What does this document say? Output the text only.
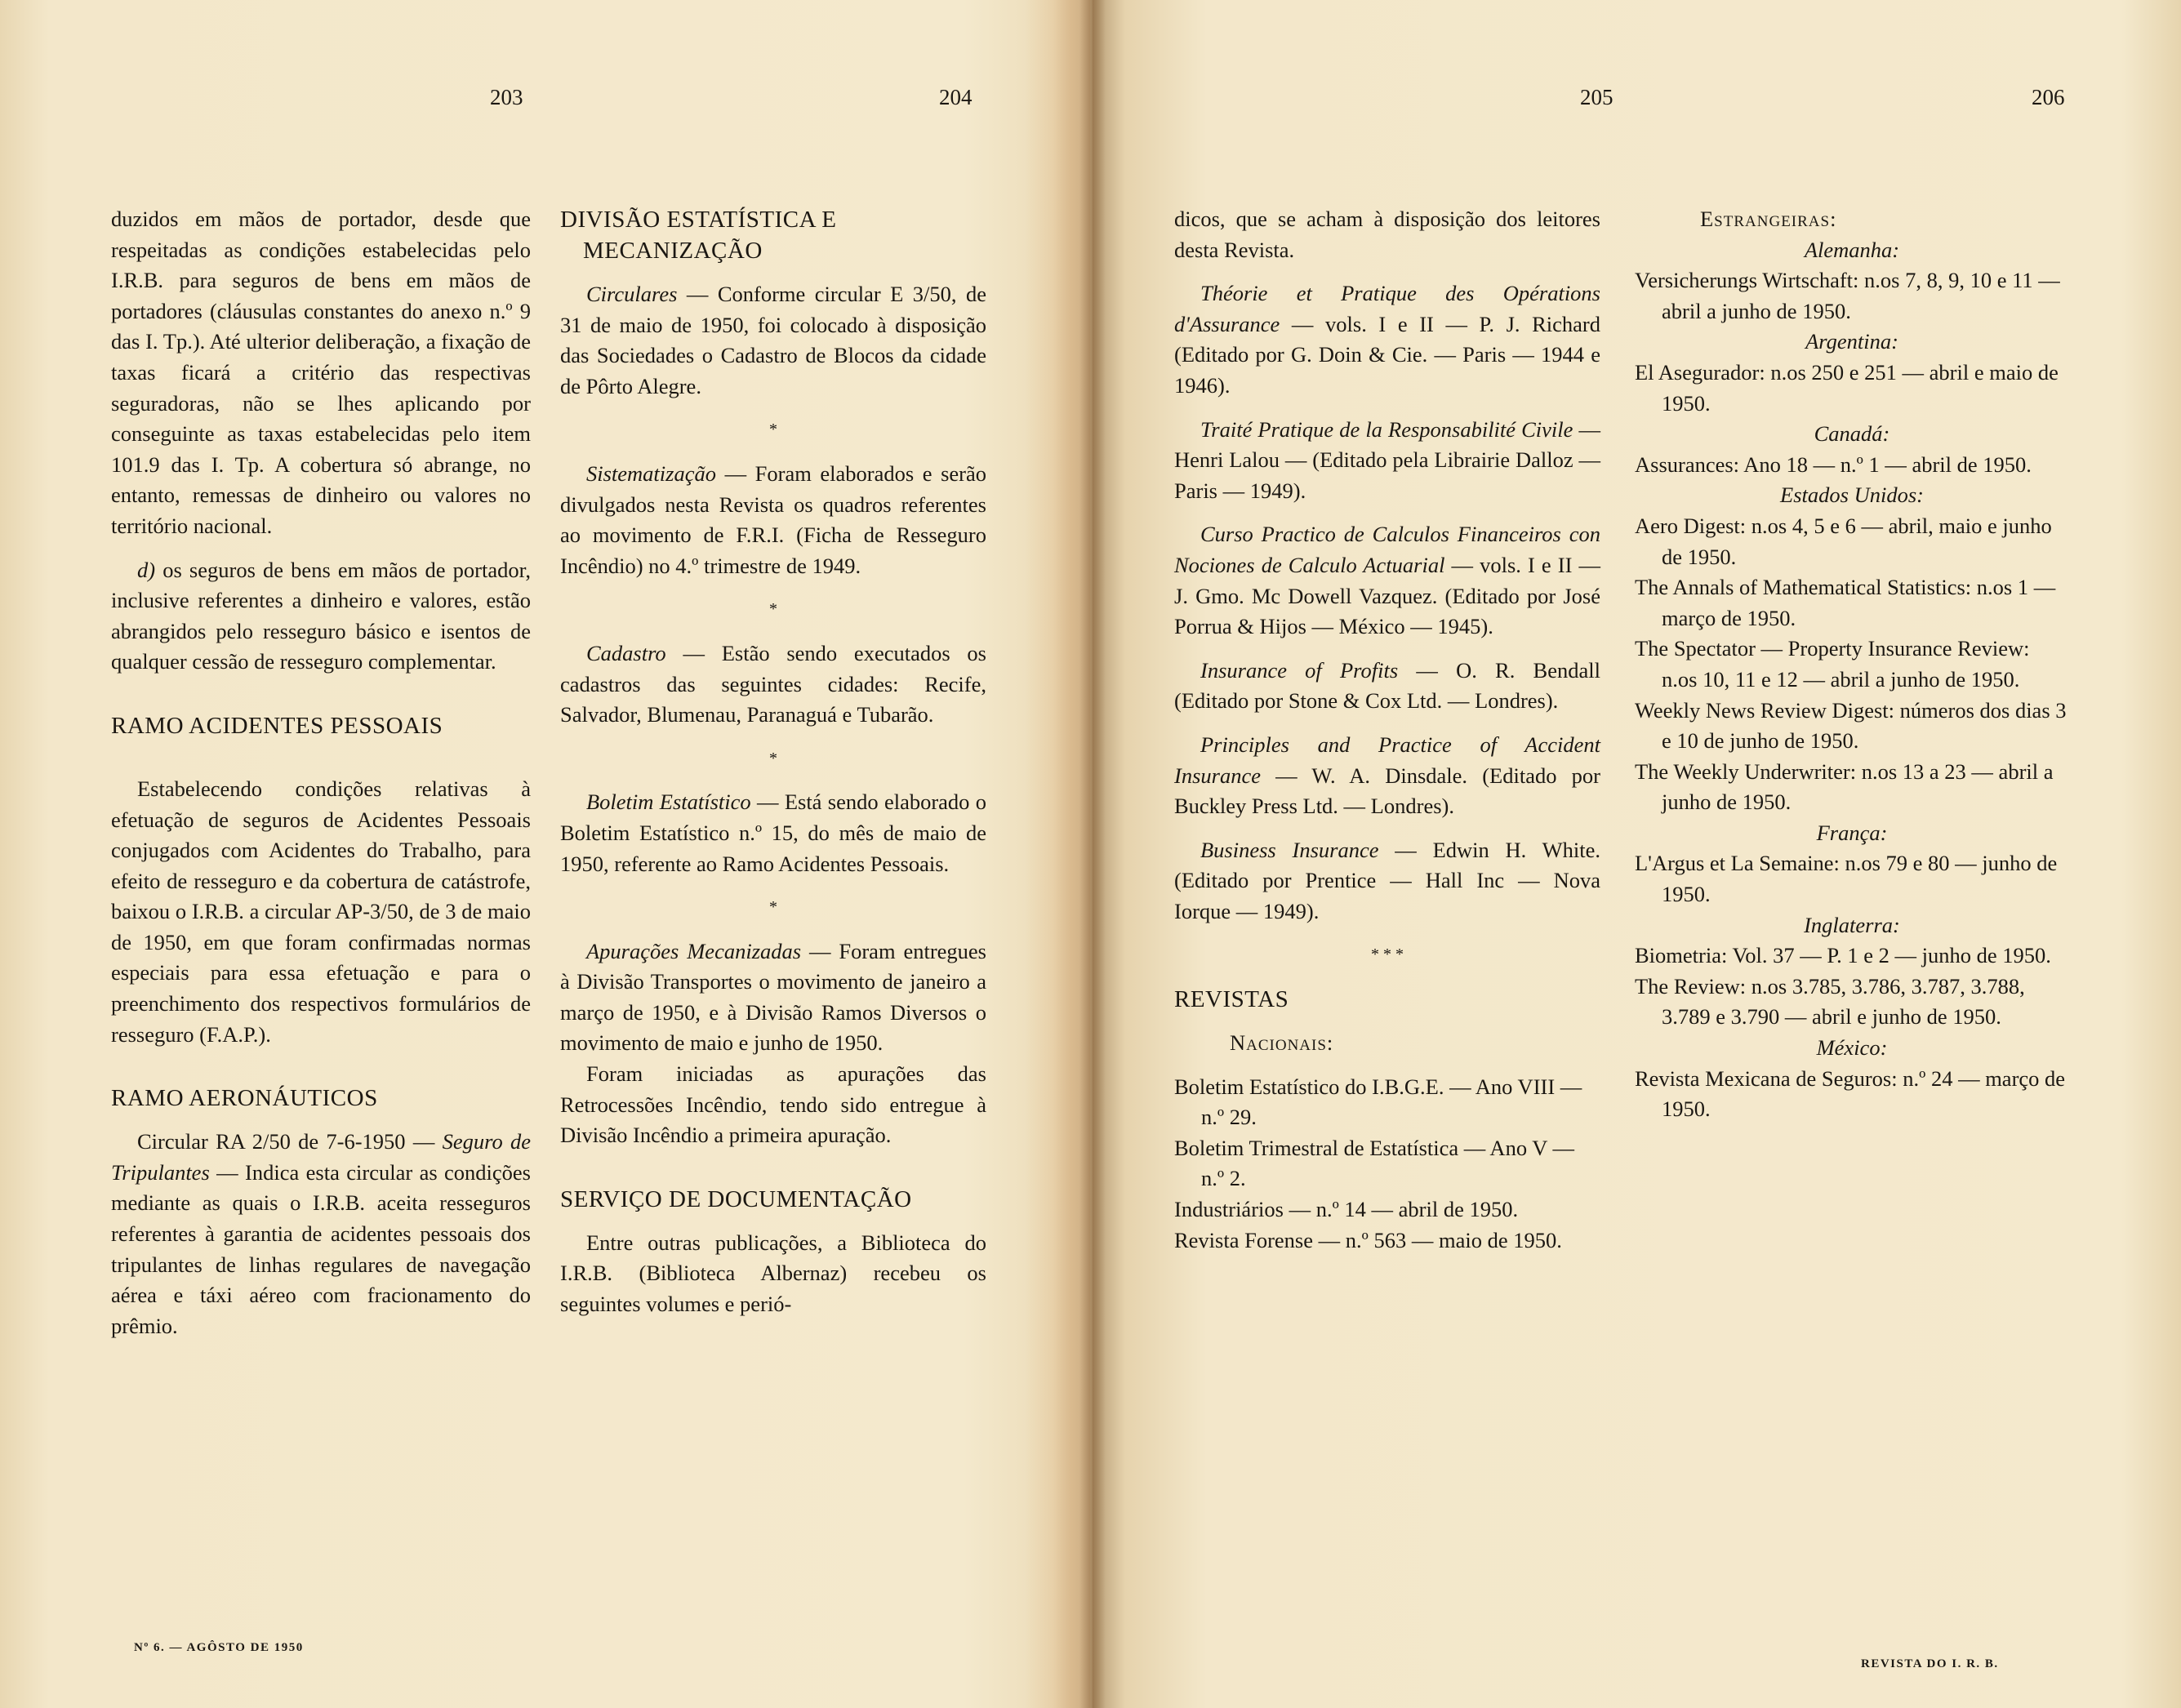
203	204

duzidos em mãos de portador, desde que respeitadas as condições estabelecidas pelo I.R.B. para seguros de bens em mãos de portadores (cláusulas constantes do anexo n.º 9 das I. Tp.). Até ulterior deliberação, a fixação de taxas ficará a critério das respectivas seguradoras, não se lhes aplicando por conseguinte as taxas estabelecidas pelo item 101.9 das I. Tp. A cobertura só abrange, no entanto, remessas de dinheiro ou valores no território nacional.

d) os seguros de bens em mãos de portador, inclusive referentes a dinheiro e valores, estão abrangidos pelo resseguro básico e isentos de qualquer cessão de resseguro complementar.

RAMO ACIDENTES PESSOAIS

Estabelecendo condições relativas à efetuação de seguros de Acidentes Pessoais conjugados com Acidentes do Trabalho, para efeito de resseguro e da cobertura de catástrofe, baixou o I.R.B. a circular AP-3/50, de 3 de maio de 1950, em que foram confirmadas normas especiais para essa efetuação e para o preenchimento dos respectivos formulários de resseguro (F.A.P.).

RAMO AERONÁUTICOS

Circular RA 2/50 de 7-6-1950 — Seguro de Tripulantes — Indica esta circular as condições mediante as quais o I.R.B. aceita resseguros referentes à garantia de acidentes pessoais dos tripulantes de linhas regulares de navegação aérea e táxi aéreo com fracionamento do prêmio.

DIVISÃO ESTATÍSTICA E MECANIZAÇÃO

Circulares — Conforme circular E 3/50, de 31 de maio de 1950, foi colocado à disposição das Sociedades o Cadastro de Blocos da cidade de Pôrto Alegre.

*

Sistematização — Foram elaborados e serão divulgados nesta Revista os quadros referentes ao movimento de F.R.I. (Ficha de Resseguro Incêndio) no 4.º trimestre de 1949.

*

Cadastro — Estão sendo executados os cadastros das seguintes cidades: Recife, Salvador, Blumenau, Paranaguá e Tubarão.

*

Boletim Estatístico — Está sendo elaborado o Boletim Estatístico n.º 15, do mês de maio de 1950, referente ao Ramo Acidentes Pessoais.

*

Apurações Mecanizadas — Foram entregues à Divisão Transportes o movimento de janeiro a março de 1950, e à Divisão Ramos Diversos o movimento de maio e junho de 1950.

Foram iniciadas as apurações das Retrocessões Incêndio, tendo sido entregue à Divisão Incêndio a primeira apuração.

SERVIÇO DE DOCUMENTAÇÃO

Entre outras publicações, a Biblioteca do I.R.B. (Biblioteca Albernaz) recebeu os seguintes volumes e perió-

Nº 6. — AGÔSTO DE 1950
205	206

dicos, que se acham à disposição dos leitores desta Revista.

Théorie et Pratique des Opérations d'Assurance — vols. I e II — P. J. Richard (Editado por G. Doin & Cie. — Paris — 1944 e 1946).

Traité Pratique de la Responsabilité Civile — Henri Lalou — (Editado pela Librairie Dalloz — Paris — 1949).

Curso Practico de Calculos Financeiros con Nociones de Calculo Actuarial — vols. I e II — J. Gmo. Mc Dowell Vazquez. (Editado por José Porrua & Hijos — México — 1945).

Insurance of Profits — O. R. Bendall (Editado por Stone & Cox Ltd. — Londres).

Principles and Practice of Accident Insurance — W. A. Dinsdale. (Editado por Buckley Press Ltd. — Londres).

Business Insurance — Edwin H. White. (Editado por Prentice — Hall Inc — Nova Iorque — 1949).

* * *

REVISTAS

Nacionais:

Boletim Estatístico do I.B.G.E. — Ano VIII — n.º 29.

Boletim Trimestral de Estatística — Ano V — n.º 2.

Industriários — n.º 14 — abril de 1950.

Revista Forense — n.º 563 — maio de 1950.

Estrangeiras:

Alemanha:

Versicherungs Wirtschaft: n.os 7, 8, 9, 10 e 11 — abril a junho de 1950.

Argentina:

El Asegurador: n.os 250 e 251 — abril e maio de 1950.

Canadá:

Assurances: Ano 18 — n.º 1 — abril de 1950.

Estados Unidos:

Aero Digest: n.os 4, 5 e 6 — abril, maio e junho de 1950.

The Annals of Mathematical Statistics: n.os 1 — março de 1950.

The Spectator — Property Insurance Review: n.os 10, 11 e 12 — abril a junho de 1950.

Weekly News Review Digest: números dos dias 3 e 10 de junho de 1950.

The Weekly Underwriter: n.os 13 a 23 — abril a junho de 1950.

França:

L'Argus et La Semaine: n.os 79 e 80 — junho de 1950.

Inglaterra:

Biometria: Vol. 37 — P. 1 e 2 — junho de 1950.

The Review: n.os 3.785, 3.786, 3.787, 3.788, 3.789 e 3.790 — abril e junho de 1950.

México:

Revista Mexicana de Seguros: n.º 24 — março de 1950.

REVISTA DO I. R. B.
